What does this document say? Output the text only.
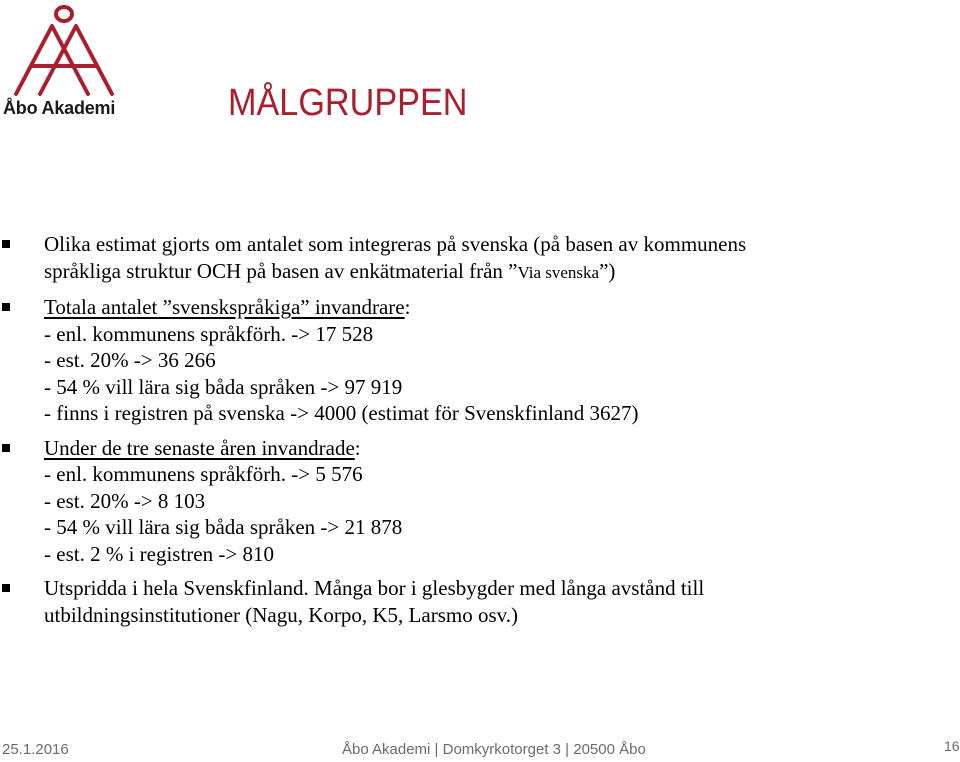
Åbo Akademi	MÅLGRUPPEN
Olika estimat gjorts om antalet som integreras på svenska (på basen av kommunens
språkliga struktur OCH på basen av enkätmaterial från ”Via svenska”)
Totala antalet ”svenskspråkiga” invandrare:
- enl. kommunens språkförh. -> 17 528
- est. 20% -> 36 266
- 54 % vill lära sig båda språken -> 97 919
- finns i registren på svenska -> 4000 (estimat för Svenskfinland 3627)
Under de tre senaste åren invandrade:
- enl. kommunens språkförh. -> 5 576
- est. 20% -> 8 103
- 54 % vill lära sig båda språken -> 21 878
- est. 2 % i registren -> 810
Utspridda i hela Svenskfinland. Många bor i glesbygder med långa avstånd till
utbildningsinstitutioner (Nagu, Korpo, K5, Larsmo osv.)
25.1.2016	Åbo Akademi | Domkyrkotorget 3 | 20500 Åbo	16
